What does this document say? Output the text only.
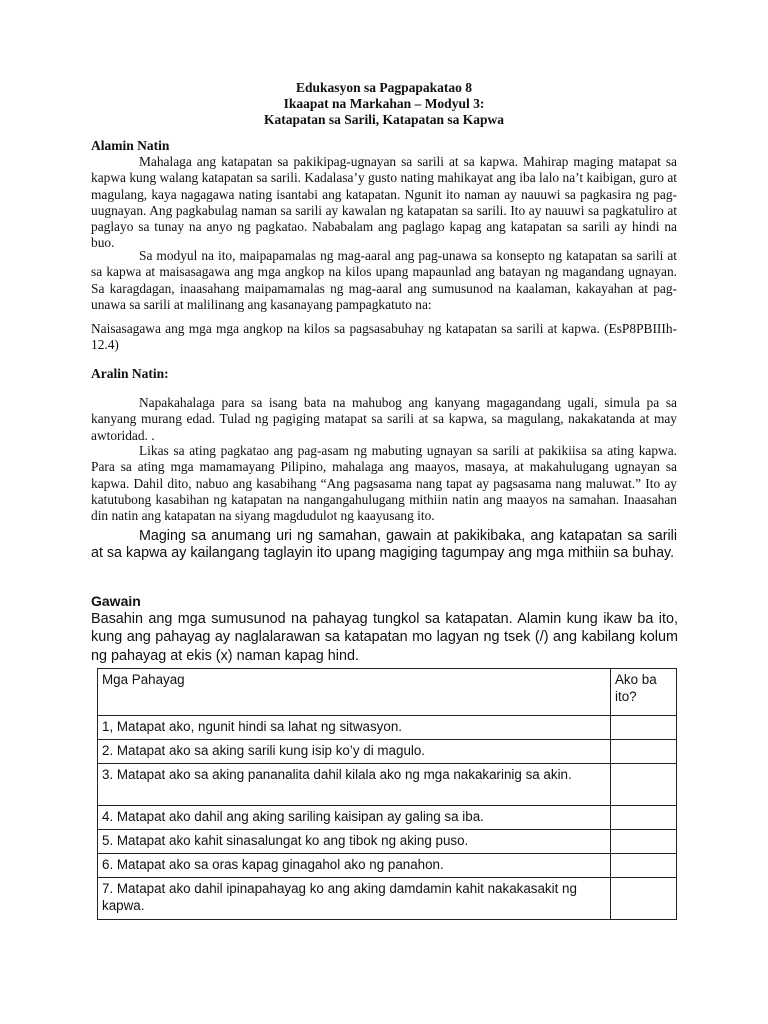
Edukasyon sa Pagpapakatao 8
Ikaapat na Markahan – Modyul 3:
Katapatan sa Sarili, Katapatan sa Kapwa
Alamin Natin
Mahalaga ang katapatan sa pakikipag-ugnayan sa sarili at sa kapwa. Mahirap maging matapat sa kapwa kung walang katapatan sa sarili. Kadalasa’y gusto nating mahikayat ang iba lalo na’t kaibigan, guro at magulang, kaya nagagawa nating isantabi ang katapatan. Ngunit ito naman ay nauuwi sa pagkasira ng pag-uugnayan. Ang pagkabulag naman sa sarili ay kawalan ng katapatan sa sarili. Ito ay nauuwi sa pagkatuliro at paglayo sa tunay na anyo ng pagkatao. Nababalam ang paglago kapag ang katapatan sa sarili ay hindi na buo.
Sa modyul na ito, maipapamalas ng mag-aaral ang pag-unawa sa konsepto ng katapatan sa sarili at sa kapwa at maisasagawa ang mga angkop na kilos upang mapaunlad ang batayan ng magandang ugnayan. Sa karagdagan, inaasahang maipamamalas ng mag-aaral ang sumusunod na kaalaman, kakayahan at pag-unawa sa sarili at malilinang ang kasanayang pampagkatuto na:
Naisasagawa ang mga mga angkop na kilos sa pagsasabuhay ng katapatan sa sarili at kapwa. (EsP8PBIIIh-12.4)
Aralin Natin:
Napakahalaga para sa isang bata na mahubog ang kanyang magagandang ugali, simula pa sa kanyang murang edad. Tulad ng pagiging matapat sa sarili at sa kapwa, sa magulang, nakakatanda at may awtoridad. .
Likas sa ating pagkatao ang pag-asam ng mabuting ugnayan sa sarili at pakikiisa sa ating kapwa. Para sa ating mga mamamayang Pilipino, mahalaga ang maayos, masaya, at makahulugang ugnayan sa kapwa. Dahil dito, nabuo ang kasabihang “Ang pagsasama nang tapat ay pagsasama nang maluwat.” Ito ay katutubong kasabihan ng katapatan na nangangahulugang mithiin natin ang maayos na samahan. Inaasahan din natin ang katapatan na siyang magdudulot ng kaayusang ito.
Maging sa anumang uri ng samahan, gawain at pakikibaka, ang katapatan sa sarili at sa kapwa ay kailangang taglayin ito upang magiging tagumpay ang mga mithiin sa buhay.
Gawain
Basahin ang mga sumusunod na pahayag tungkol sa katapatan. Alamin kung ikaw ba ito, kung ang pahayag ay naglalarawan sa katapatan mo lagyan ng tsek (/) ang kabilang kolum ng pahayag at ekis (x) naman kapag hind.
Mga Pahayag	Ako ba ito?
1, Matapat ako, ngunit hindi sa lahat ng sitwasyon.	
2. Matapat ako sa aking sarili kung isip ko’y di magulo.	
3. Matapat ako sa aking pananalita dahil kilala ako ng mga nakakarinig sa akin.	
4. Matapat ako dahil ang aking sariling kaisipan ay galing sa iba.	
5. Matapat ako kahit sinasalungat ko ang tibok ng aking puso.	
6. Matapat ako sa oras kapag ginagahol ako ng panahon.	
7. Matapat ako dahil ipinapahayag ko ang aking damdamin kahit nakakasakit ng kapwa.	
